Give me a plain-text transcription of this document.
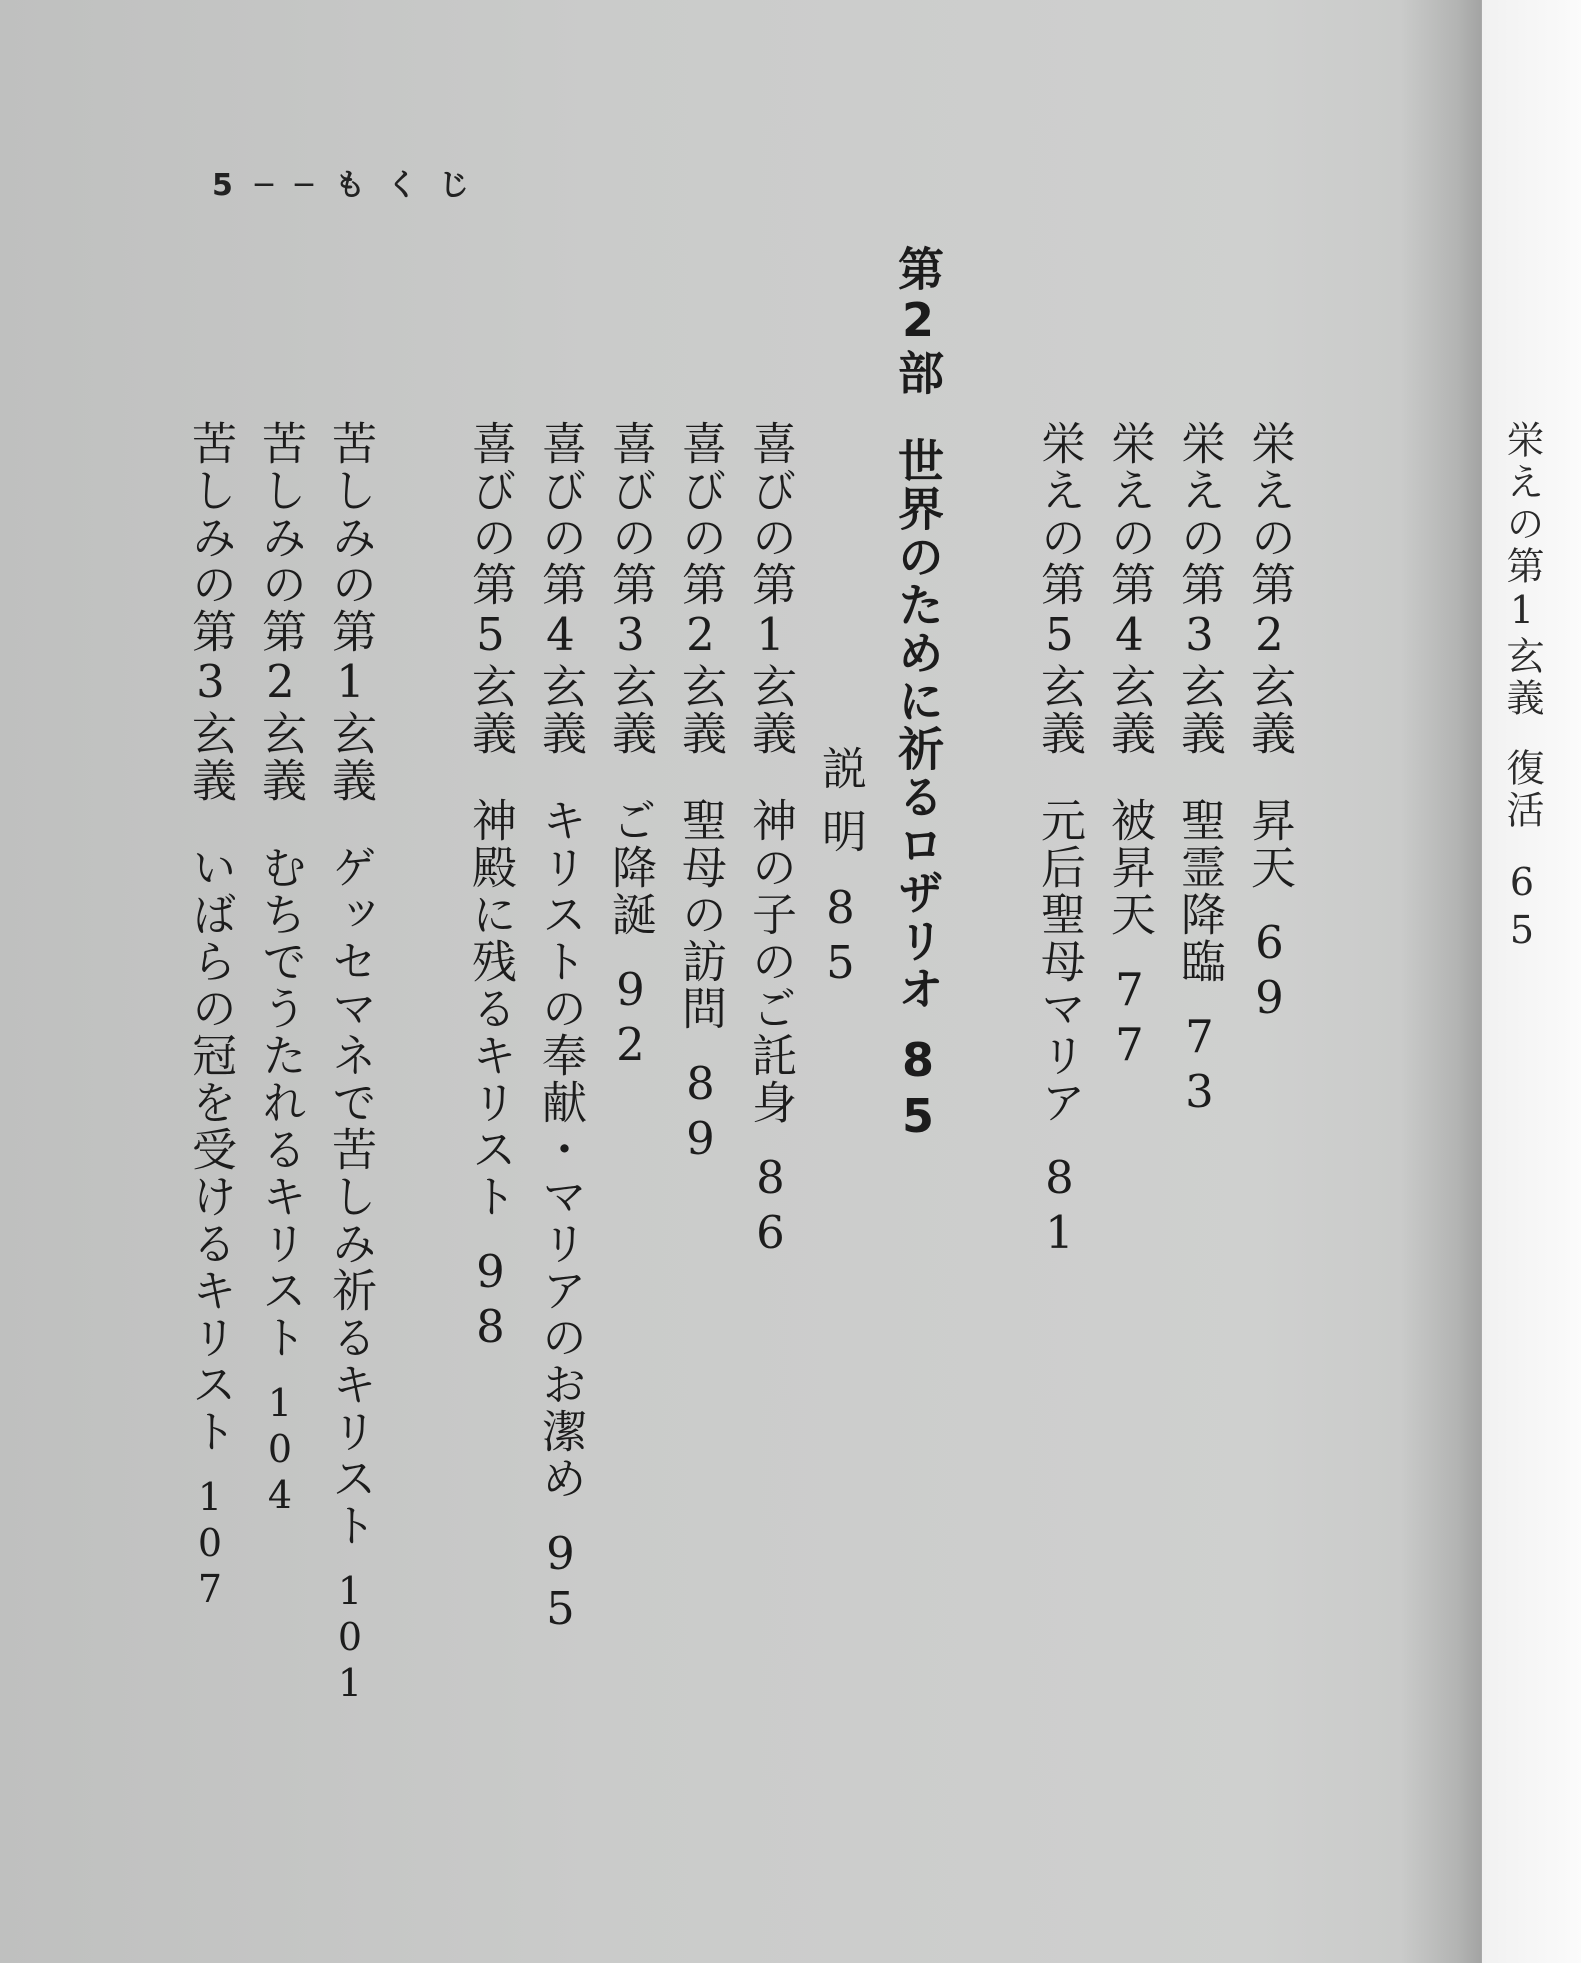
5──もくじ
栄えの第1玄義復活65
第2部世界のために祈るロザリオ85
栄えの第2玄義昇天69
栄えの第3玄義聖霊降臨73
栄えの第4玄義被昇天77
栄えの第5玄義元后聖母マリア81
説明85
喜びの第1玄義神の子のご託身86
喜びの第2玄義聖母の訪問89
喜びの第3玄義ご降誕92
喜びの第4玄義キリストの奉献・マリアのお潔め95
喜びの第5玄義神殿に残るキリスト98
苦しみの第1玄義ゲッセマネで苦しみ祈るキリスト101
苦しみの第2玄義むちでうたれるキリスト104
苦しみの第3玄義いばらの冠を受けるキリスト107
